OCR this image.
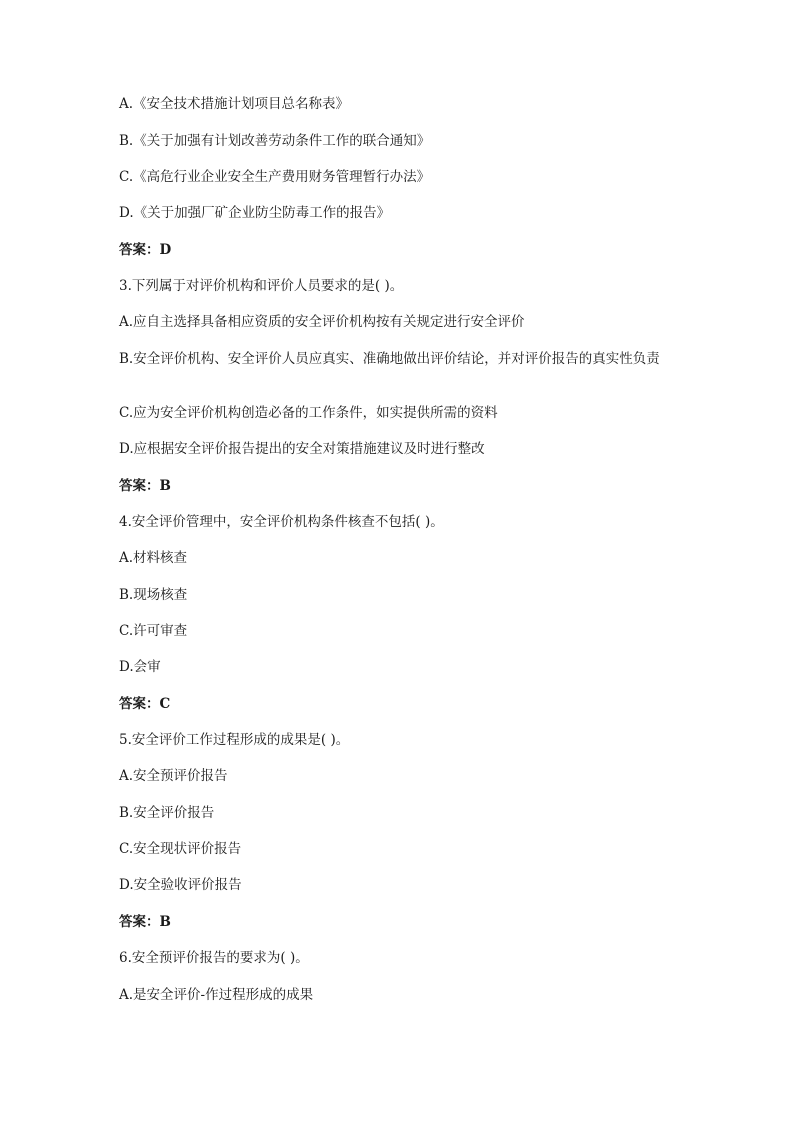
A.《安全技术措施计划项目总名称表》
B.《关于加强有计划改善劳动条件工作的联合通知》
C.《高危行业企业安全生产费用财务管理暂行办法》
D.《关于加强厂矿企业防尘防毒工作的报告》
答案：D
3.下列属于对评价机构和评价人员要求的是( )。
A.应自主选择具备相应资质的安全评价机构按有关规定进行安全评价
B.安全评价机构、安全评价人员应真实、准确地做出评价结论，并对评价报告的真实性负责
C.应为安全评价机构创造必备的工作条件，如实提供所需的资料
D.应根据安全评价报告提出的安全对策措施建议及时进行整改
答案：B
4.安全评价管理中，安全评价机构条件核查不包括( )。
A.材料核查
B.现场核查
C.许可审查
D.会审
答案：C
5.安全评价工作过程形成的成果是( )。
A.安全预评价报告
B.安全评价报告
C.安全现状评价报告
D.安全验收评价报告
答案：B
6.安全预评价报告的要求为( )。
A.是安全评价-作过程形成的成果
